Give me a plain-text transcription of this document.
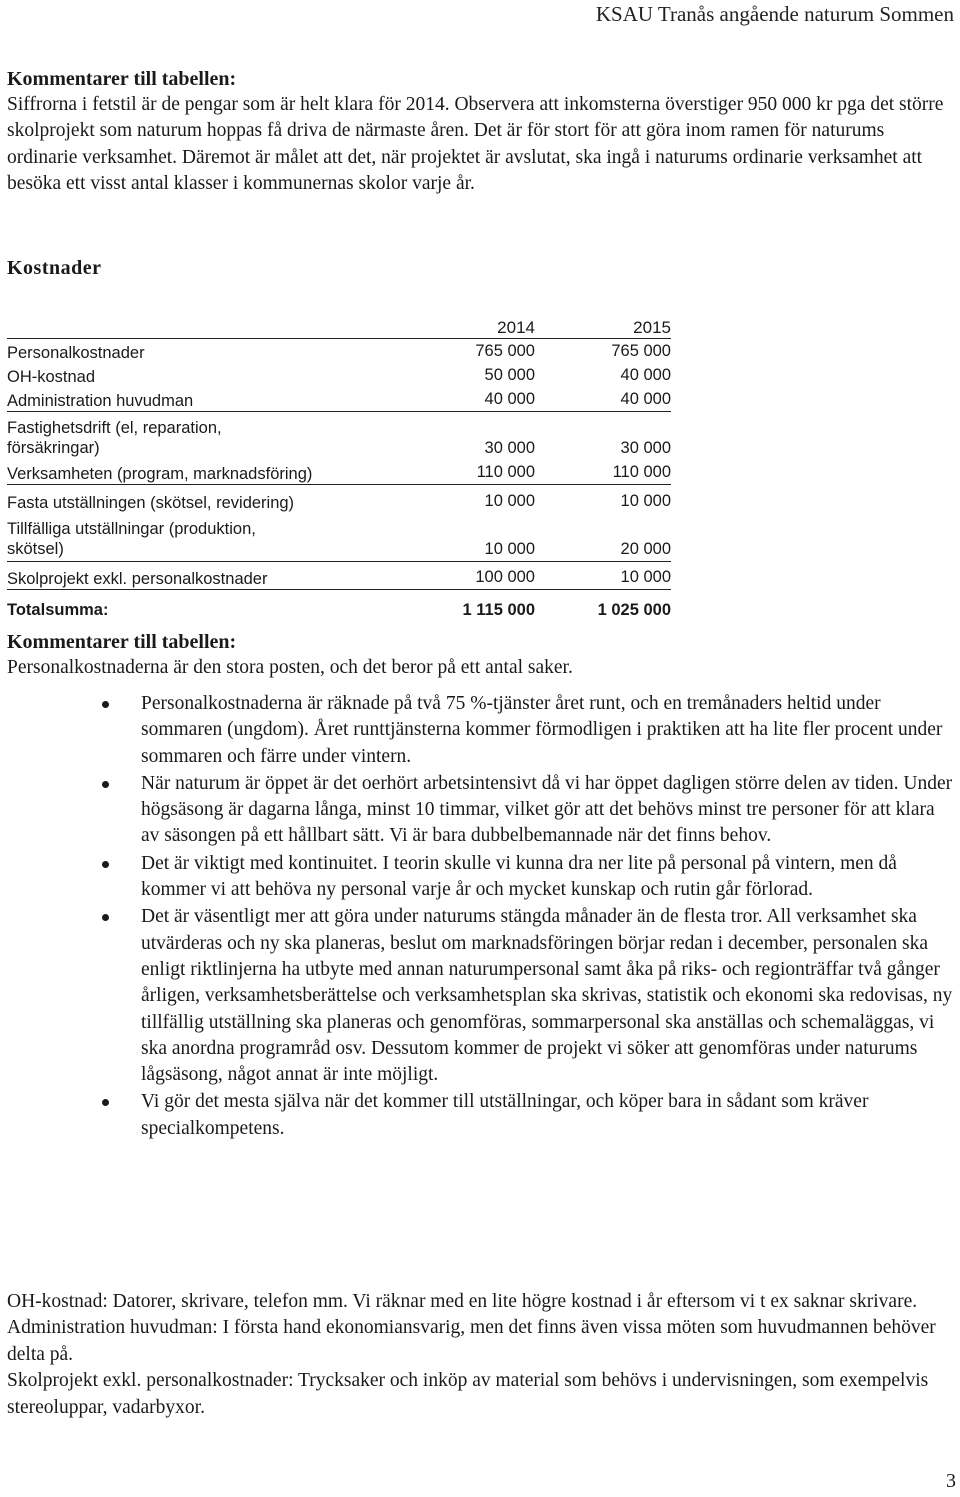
KSAU Tranås angående naturum Sommen
Kommentarer till tabellen:

Siffrorna i fetstil är de pengar som är helt klara för 2014. Observera att inkomsterna överstiger 950 000 kr pga det större skolprojekt som naturum hoppas få driva de närmaste åren. Det är för stort för att göra inom ramen för naturums ordinarie verksamhet. Däremot är målet att det, när projektet är avslutat, ska ingå i naturums ordinarie verksamhet att besöka ett visst antal klasser i kommunernas skolor varje år.

Kostnader
2014	2015
Personalkostnader	765 000	765 000
OH-kostnad	50 000	40 000
Administration huvudman	40 000	40 000
Fastighetsdrift (el, reparation, försäkringar)	30 000	30 000
Verksamheten (program, marknadsföring)	110 000	110 000
Fasta utställningen (skötsel, revidering)	10 000	10 000
Tillfälliga utställningar (produktion, skötsel)	10 000	20 000
Skolprojekt exkl. personalkostnader	100 000	10 000
Totalsumma:	1 115 000	1 025 000
Kommentarer till tabellen:

Personalkostnaderna är den stora posten, och det beror på ett antal saker.

Personalkostnaderna är räknade på två 75 %-tjänster året runt, och en tremånaders heltid under sommaren (ungdom). Året runttjänsterna kommer förmodligen i praktiken att ha lite fler procent under sommaren och färre under vintern.
När naturum är öppet är det oerhört arbetsintensivt då vi har öppet dagligen större delen av tiden. Under högsäsong är dagarna långa, minst 10 timmar, vilket gör att det behövs minst tre personer för att klara av säsongen på ett hållbart sätt. Vi är bara dubbelbemannade när det finns behov.
Det är viktigt med kontinuitet. I teorin skulle vi kunna dra ner lite på personal på vintern, men då kommer vi att behöva ny personal varje år och mycket kunskap och rutin går förlorad.
Det är väsentligt mer att göra under naturums stängda månader än de flesta tror. All verksamhet ska utvärderas och ny ska planeras, beslut om marknadsföringen börjar redan i december, personalen ska enligt riktlinjerna ha utbyte med annan naturumpersonal samt åka på riks- och regionträffar två gånger årligen, verksamhetsberättelse och verksamhetsplan ska skrivas, statistik och ekonomi ska redovisas, ny tillfällig utställning ska planeras och genomföras, sommarpersonal ska anställas och schemaläggas, vi ska anordna programråd osv. Dessutom kommer de projekt vi söker att genomföras under naturums lågsäsong, något annat är inte möjligt.
Vi gör det mesta själva när det kommer till utställningar, och köper bara in sådant som kräver specialkompetens.

OH-kostnad: Datorer, skrivare, telefon mm. Vi räknar med en lite högre kostnad i år eftersom vi t ex saknar skrivare.

Administration huvudman: I första hand ekonomiansvarig, men det finns även vissa möten som huvudmannen behöver delta på.

Skolprojekt exkl. personalkostnader: Trycksaker och inköp av material som behövs i undervisningen, som exempelvis stereoluppar, vadarbyxor.

3
